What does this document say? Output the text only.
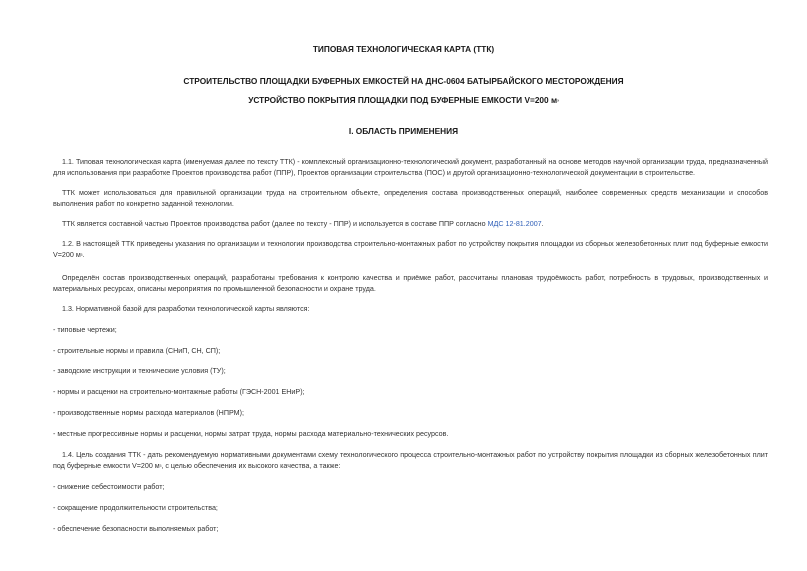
ТИПОВАЯ ТЕХНОЛОГИЧЕСКАЯ КАРТА (ТТК)
СТРОИТЕЛЬСТВО ПЛОЩАДКИ БУФЕРНЫХ ЕМКОСТЕЙ НА ДНС-0604 БАТЫРБАЙСКОГО МЕСТОРОЖДЕНИЯ
УСТРОЙСТВО ПОКРЫТИЯ ПЛОЩАДКИ ПОД БУФЕРНЫЕ ЕМКОСТИ V=200 м³
I. ОБЛАСТЬ ПРИМЕНЕНИЯ
1.1. Типовая технологическая карта (именуемая далее по тексту ТТК) - комплексный организационно-технологический документ, разработанный на основе методов научной организации труда, предназначенный для использования при разработке Проектов производства работ (ППР), Проектов организации строительства (ПОС) и другой организационно-технологической документации в строительстве.
ТТК может использоваться для правильной организации труда на строительном объекте, определения состава производственных операций, наиболее современных средств механизации и способов выполнения работ по конкретно заданной технологии.
ТТК является составной частью Проектов производства работ (далее по тексту - ППР) и используется в составе ППР согласно МДС 12-81.2007.
1.2. В настоящей ТТК приведены указания по организации и технологии производства строительно-монтажных работ по устройству покрытия площадки из сборных железобетонных плит под буферные емкости V=200 м³.
Определён состав производственных операций, разработаны требования к контролю качества и приёмке работ, рассчитаны плановая трудоёмкость работ, потребность в трудовых, производственных и материальных ресурсах, описаны мероприятия по промышленной безопасности и охране труда.
1.3. Нормативной базой для разработки технологической карты являются:
- типовые чертежи;
- строительные нормы и правила (СНиП, СН, СП);
- заводские инструкции и технические условия (ТУ);
- нормы и расценки на строительно-монтажные работы (ГЭСН-2001 ЕНиР);
- производственные нормы расхода материалов (НПРМ);
- местные прогрессивные нормы и расценки, нормы затрат труда, нормы расхода материально-технических ресурсов.
1.4. Цель создания ТТК - дать рекомендуемую нормативными документами схему технологического процесса строительно-монтажных работ по устройству покрытия площадки из сборных железобетонных плит под буферные емкости V=200 м³, с целью обеспечения их высокого качества, а также:
- снижение себестоимости работ;
- сокращение продолжительности строительства;
- обеспечение безопасности выполняемых работ;
